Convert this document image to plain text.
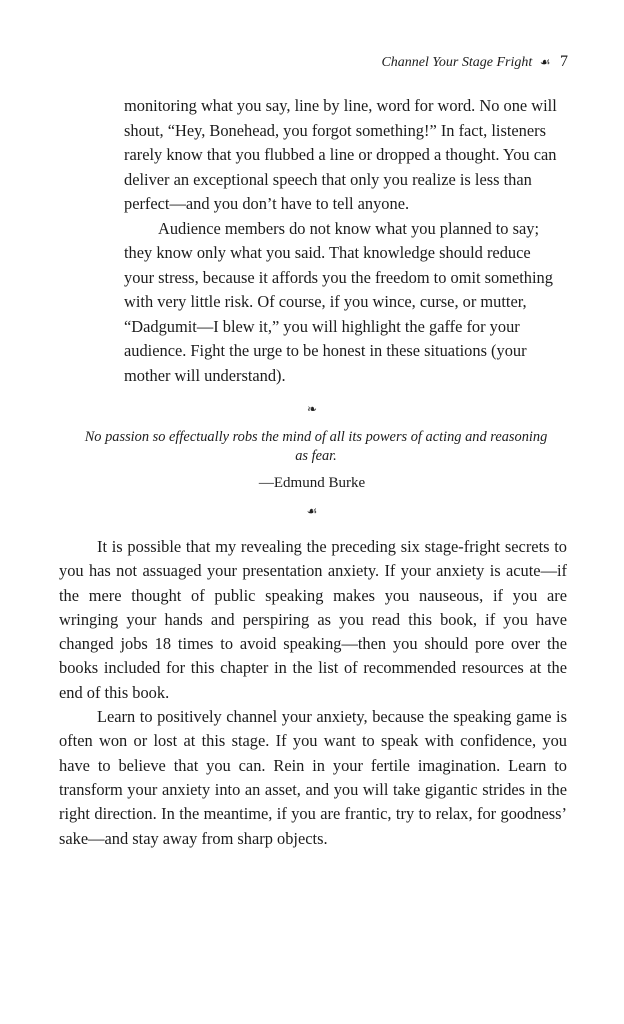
Channel Your Stage Fright ☙ 7

monitoring what you say, line by line, word for word. No one will shout, “Hey, Bonehead, you forgot something!” In fact, listeners rarely know that you flubbed a line or dropped a thought. You can deliver an exceptional speech that only you realize is less than perfect—and you don’t have to tell anyone.

Audience members do not know what you planned to say; they know only what you said. That knowledge should reduce your stress, because it affords you the freedom to omit something with very little risk. Of course, if you wince, curse, or mutter, “Dadgumit—I blew it,” you will highlight the gaffe for your audience. Fight the urge to be honest in these situations (your mother will understand).

❧
No passion so effectually robs the mind of all its powers of acting and reasoning as fear.
—Edmund Burke
☙

It is possible that my revealing the preceding six stage-fright secrets to you has not assuaged your presentation anxiety. If your anxiety is acute—if the mere thought of public speaking makes you nauseous, if you are wringing your hands and perspiring as you read this book, if you have changed jobs 18 times to avoid speaking—then you should pore over the books included for this chapter in the list of recommended resources at the end of this book.

Learn to positively channel your anxiety, because the speaking game is often won or lost at this stage. If you want to speak with confidence, you have to believe that you can. Rein in your fertile imagination. Learn to transform your anxiety into an asset, and you will take gigantic strides in the right direction. In the meantime, if you are frantic, try to relax, for goodness’ sake—and stay away from sharp objects.
